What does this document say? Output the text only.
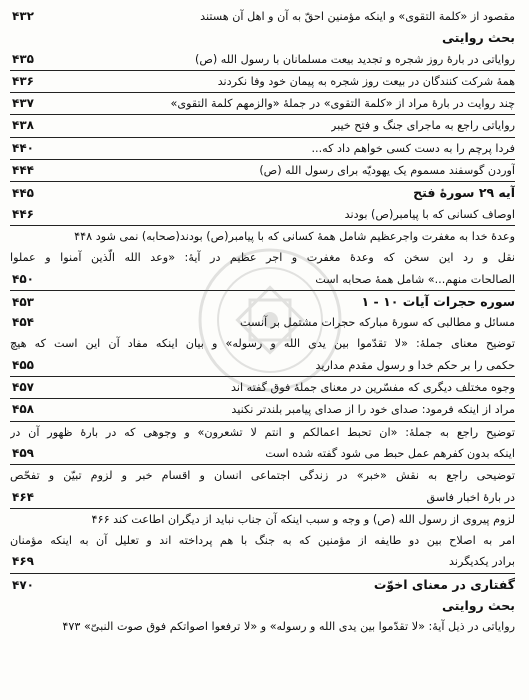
مقصود از «کلمة التقوی» و اینکه مؤمنین احقّ به آن و اهل آن هستند
۴۳۲
بحث روایتی
روایاتی در بارهٔ روز شجره و تجدید بیعت مسلمانان با رسول الله (ص)
۴۳۵
همهٔ شرکت کنندگان در بیعت روز شجره به پیمان خود وفا نکردند
۴۳۶
چند روایت در بارهٔ مراد از «کلمة التقوی» در جملهٔ «والزمهم کلمة التقوی»
۴۳۷
روایاتی راجع به ماجرای جنگ و فتح خیبر
۴۳۸
فردا پرچم را به دست کسی خواهم داد که...
۴۴۰
آوردن گوسفند مسموم یک یهودیّه برای رسول الله (ص)
۴۴۴
آیه ۲۹ سورهٔ فتح
۴۴۵
اوصاف کسانی که با پیامبر(ص) بودند
۴۴۶
وعدهٔ خدا به مغفرت واجرعظیم شامل همهٔ کسانی که با پیامبر(ص) بودند(صحابه) نمی شود ۴۴۸
نقل و رد این سخن که وعدهٔ مغفرت و اجر عظیم در آیهٔ: «وعد الله الّذین آمنوا و عملوا
الصالحات منهم...» شامل همهٔ صحابه است
۴۵۰
سوره حجرات آیات ۱۰ - ۱
۴۵۳
مسائل و مطالبی که سورهٔ مبارکه حجرات مشتمل بر آنست
۴۵۴
توضیح معنای جملهٔ: «لا تقدّموا بین یدی الله و رسوله» و بیان اینکه مفاد آن این است که هیچ
حکمی را بر حکم خدا و رسول مقدم مدارید
۴۵۵
وجوه مختلف دیگری که مفسّرین در معنای جملهٔ فوق گفته اند
۴۵۷
مراد از اینکه فرمود: صدای خود را از صدای پیامبر بلندتر نکنید
۴۵۸
توضیح راجع به جملهٔ: «ان تحبط اعمالکم و انتم لا تشعرون» و وجوهی که در بارهٔ ظهور آن در
اینکه بدون کفرهم عمل حبط می شود گفته شده است
۴۵۹
توضیحی راجع به نقش «خبر» در زندگی اجتماعی انسان و اقسام خبر و لزوم تبیّن و تفحّص
در بارهٔ اخبار فاسق
۴۶۴
لزوم پیروی از رسول الله (ص) و وجه و سبب اینکه آن جناب نباید از دیگران اطاعت کند ۴۶۶
امر به اصلاح بین دو طایفه از مؤمنین که به جنگ با هم پرداخته اند و تعلیل آن به اینکه مؤمنان
برادر یکدیگرند
۴۶۹
گفتاری در معنای اخوّت
۴۷۰
بحث روایتی
روایاتی در ذیل آیهٔ: «لا تقدّموا بین یدی الله و رسوله» و «لا ترفعوا اصواتکم فوق صوت النبیّ» ۴۷۳
